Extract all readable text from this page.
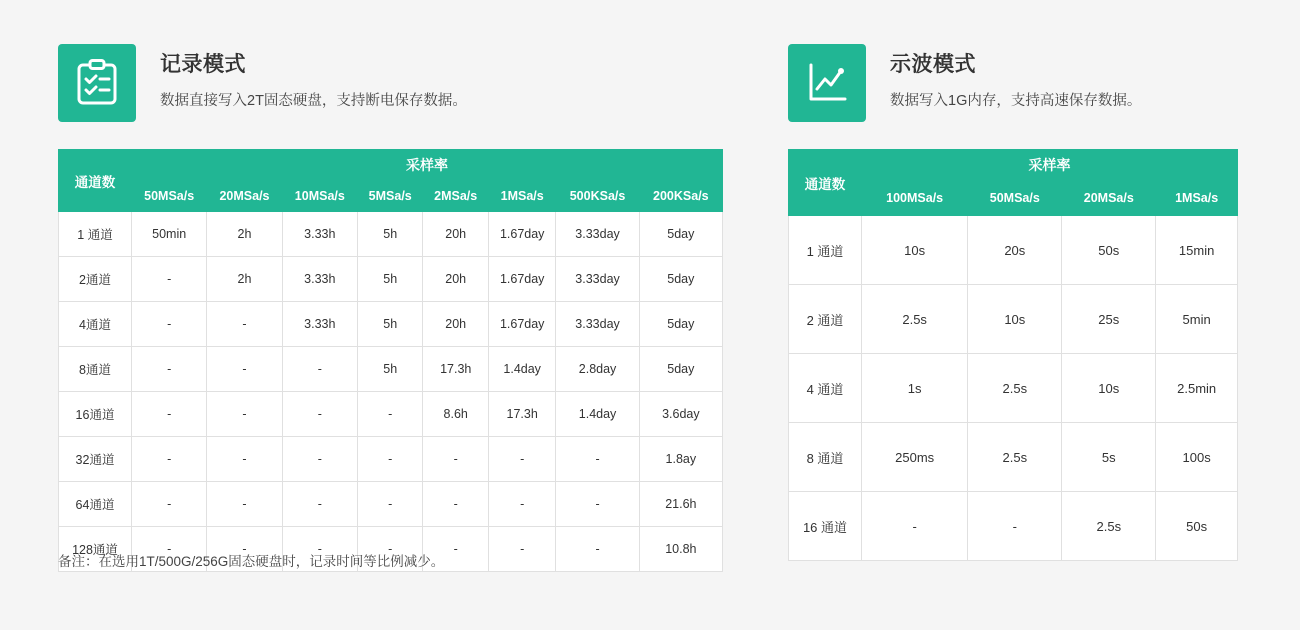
记录模式
数据直接写入2T固态硬盘，支持断电保存数据。
通道数	采样率							
	50MSa/s	20MSa/s	10MSa/s	5MSa/s	2MSa/s	1MSa/s	500KSa/s	200KSa/s
1 通道	50min	2h	3.33h	5h	20h	1.67day	3.33day	5day
2通道	-	2h	3.33h	5h	20h	1.67day	3.33day	5day
4通道	-	-	3.33h	5h	20h	1.67day	3.33day	5day
8通道	-	-	-	5h	17.3h	1.4day	2.8day	5day
16通道	-	-	-	-	8.6h	17.3h	1.4day	3.6day
32通道	-	-	-	-	-	-	-	1.8ay
64通道	-	-	-	-	-	-	-	21.6h
128通道	-	-	-	-	-	-	-	10.8h
示波模式
数据写入1G内存，支持高速保存数据。
通道数	采样率			
	100MSa/s	50MSa/s	20MSa/s	1MSa/s
1 通道	10s	20s	50s	15min
2 通道	2.5s	10s	25s	5min
4 通道	1s	2.5s	10s	2.5min
8 通道	250ms	2.5s	5s	100s
16 通道	-	-	2.5s	50s
备注：在选用1T/500G/256G固态硬盘时，记录时间等比例减少。
